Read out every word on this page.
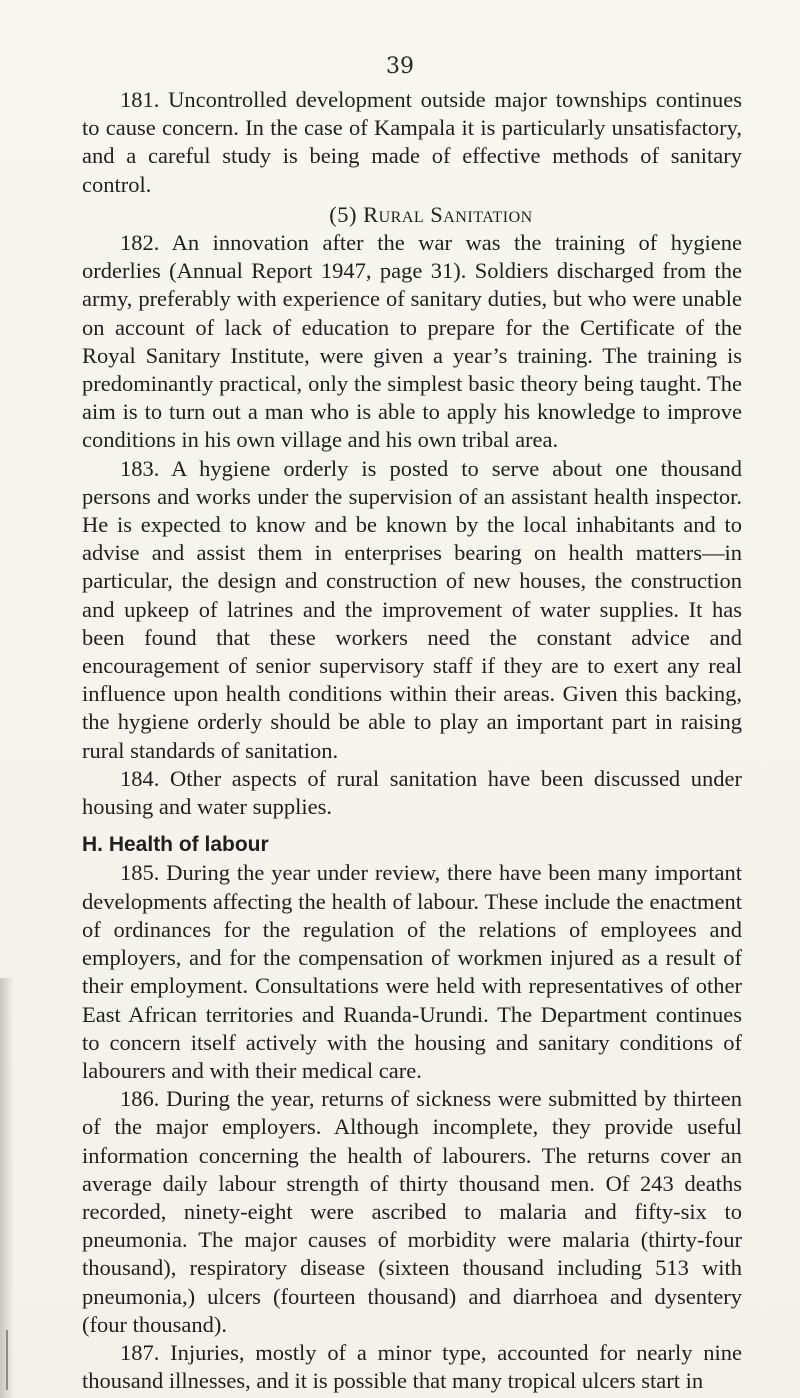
39

181. Uncontrolled development outside major townships continues to cause concern. In the case of Kampala it is particularly unsatisfactory, and a careful study is being made of effective methods of sanitary control.

(5) Rural Sanitation

182. An innovation after the war was the training of hygiene orderlies (Annual Report 1947, page 31). Soldiers discharged from the army, preferably with experience of sanitary duties, but who were unable on account of lack of education to prepare for the Certificate of the Royal Sanitary Institute, were given a year’s training. The training is predominantly practical, only the simplest basic theory being taught. The aim is to turn out a man who is able to apply his knowledge to improve conditions in his own village and his own tribal area.

183. A hygiene orderly is posted to serve about one thousand persons and works under the supervision of an assistant health inspector. He is expected to know and be known by the local inhabitants and to advise and assist them in enterprises bearing on health matters—in particular, the design and construction of new houses, the construction and upkeep of latrines and the improvement of water supplies. It has been found that these workers need the constant advice and encouragement of senior supervisory staff if they are to exert any real influence upon health conditions within their areas. Given this backing, the hygiene orderly should be able to play an important part in raising rural standards of sanitation.

184. Other aspects of rural sanitation have been discussed under housing and water supplies.

H. Health of labour

185. During the year under review, there have been many important developments affecting the health of labour. These include the enactment of ordinances for the regulation of the relations of employees and employers, and for the compensation of workmen injured as a result of their employment. Consultations were held with representatives of other East African territories and Ruanda-Urundi. The Department continues to concern itself actively with the housing and sanitary conditions of labourers and with their medical care.

186. During the year, returns of sickness were submitted by thirteen of the major employers. Although incomplete, they provide useful information concerning the health of labourers. The returns cover an average daily labour strength of thirty thousand men. Of 243 deaths recorded, ninety-eight were ascribed to malaria and fifty-six to pneumonia. The major causes of morbidity were malaria (thirty-four thousand), respiratory disease (sixteen thousand including 513 with pneumonia,) ulcers (fourteen thousand) and diarrhoea and dysentery (four thousand).

187. Injuries, mostly of a minor type, accounted for nearly nine thousand illnesses, and it is possible that many tropical ulcers start in
